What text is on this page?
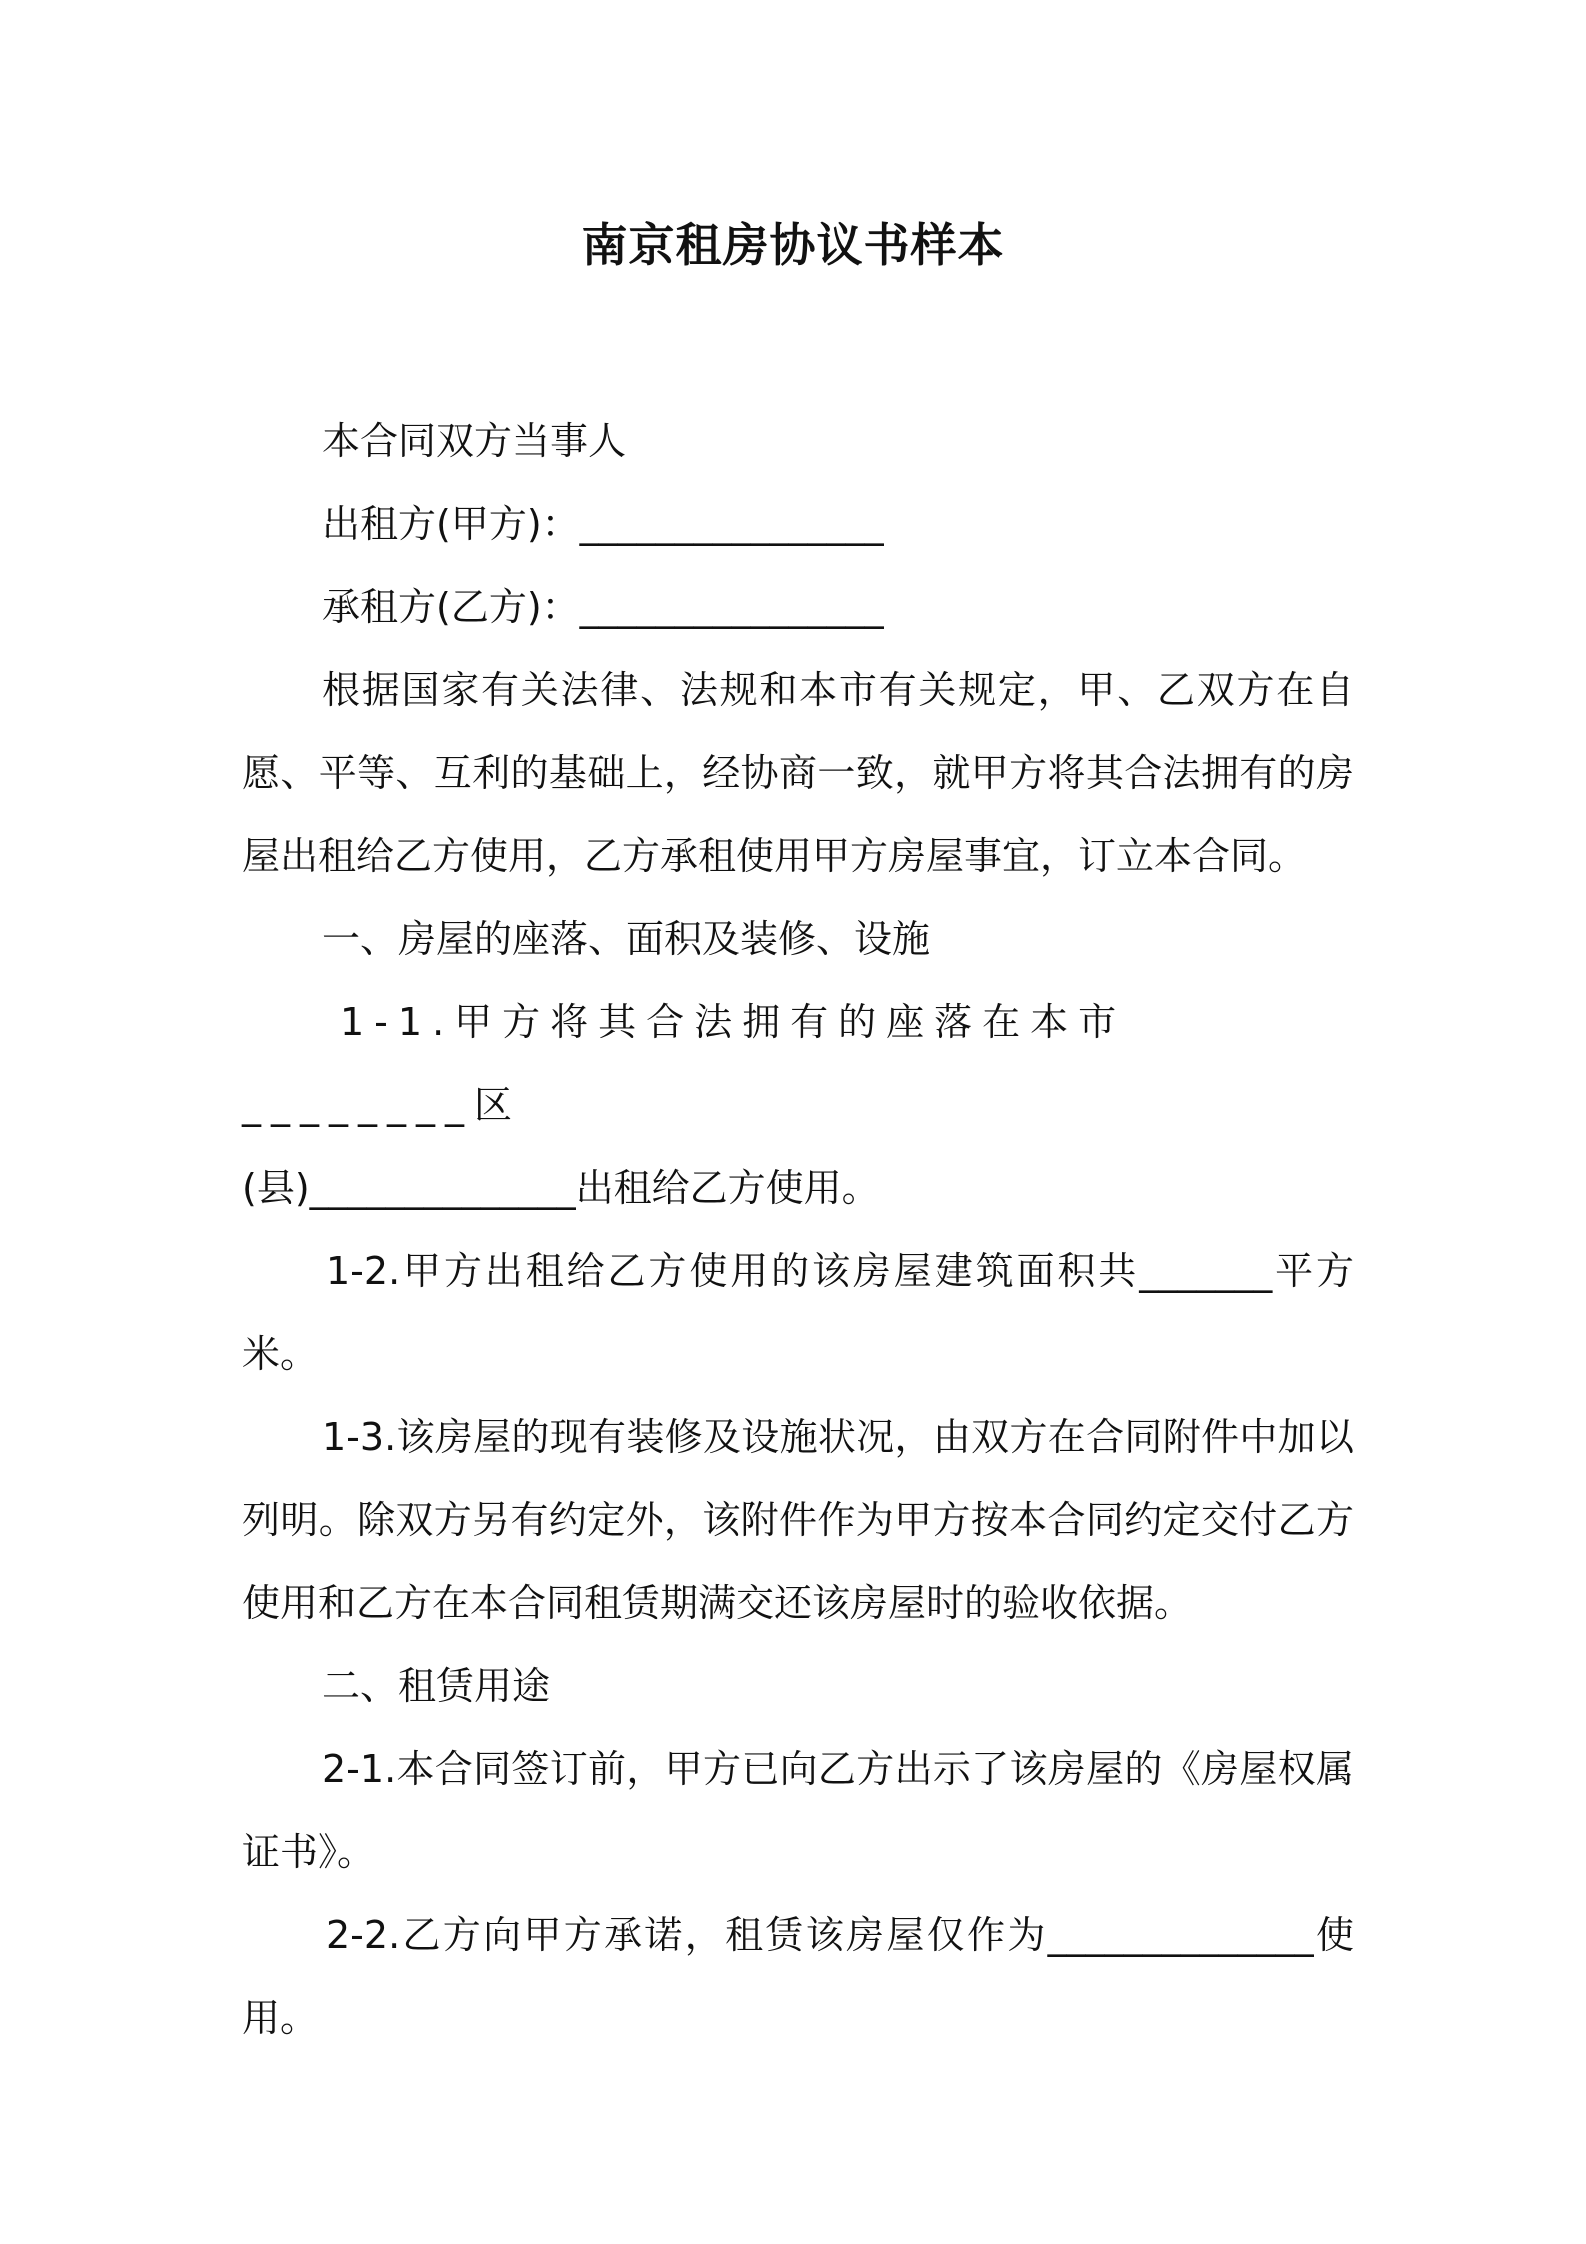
南京租房协议书样本

本合同双方当事人

出租方(甲方)：________________

承租方(乙方)：________________

根据国家有关法律、法规和本市有关规定，甲、乙双方在自愿、平等、互利的基础上，经协商一致，就甲方将其合法拥有的房屋出租给乙方使用，乙方承租使用甲方房屋事宜，订立本合同。

一、房屋的座落、面积及装修、设施

1-1.甲方将其合法拥有的座落在本市________区

(县)______________出租给乙方使用。

1-2.甲方出租给乙方使用的该房屋建筑面积共_______平方米。

1-3.该房屋的现有装修及设施状况，由双方在合同附件中加以列明。除双方另有约定外，该附件作为甲方按本合同约定交付乙方使用和乙方在本合同租赁期满交还该房屋时的验收依据。

二、租赁用途

2-1.本合同签订前，甲方已向乙方出示了该房屋的《房屋权属证书》。

2-2.乙方向甲方承诺，租赁该房屋仅作为______________使用。
